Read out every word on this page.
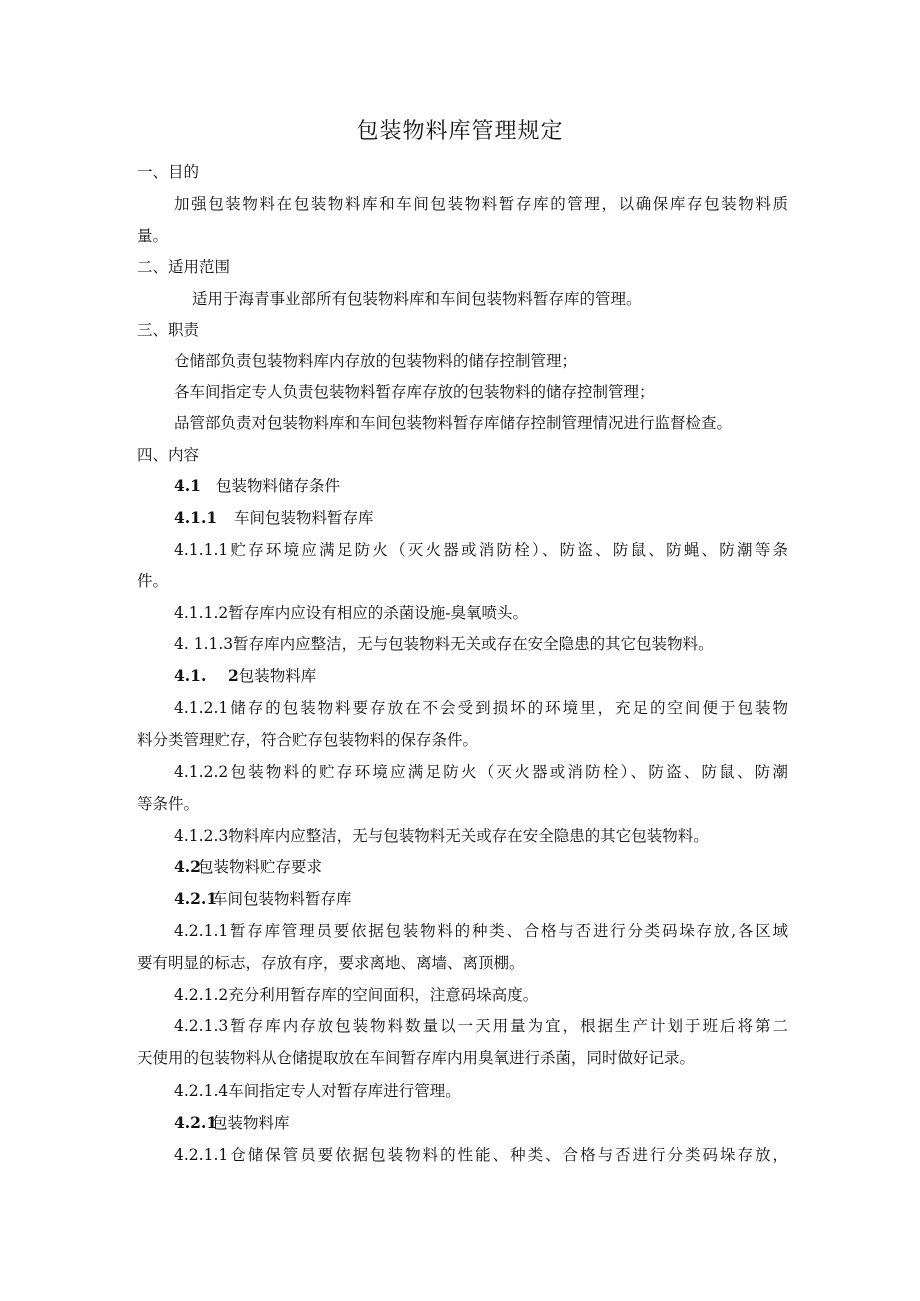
包装物料库管理规定
一、目的
加强包装物料在包装物料库和车间包装物料暂存库的管理，以确保库存包装物料质
量。
二、适用范围
适用于海青事业部所有包装物料库和车间包装物料暂存库的管理。
三、职责
仓储部负责包装物料库内存放的包装物料的储存控制管理；
各车间指定专人负责包装物料暂存库存放的包装物料的储存控制管理；
品管部负责对包装物料库和车间包装物料暂存库储存控制管理情况进行监督检查。
四、内容
4.1 包装物料储存条件
4.1.1 车间包装物料暂存库
4.1.1.1贮存环境应满足防火（灭火器或消防栓）、防盗、防鼠、防蝇、防潮等条
件。
4.1.1.2暂存库内应设有相应的杀菌设施-臭氧喷头。
4. 1.1.3暂存库内应整洁，无与包装物料无关或存在安全隐患的其它包装物料。
4.1.    2包装物料库
4.1.2.1储存的包装物料要存放在不会受到损坏的环境里，充足的空间便于包装物
料分类管理贮存，符合贮存包装物料的保存条件。
4.1.2.2包装物料的贮存环境应满足防火（灭火器或消防栓）、防盗、防鼠、防潮
等条件。
4.1.2.3物料库内应整洁，无与包装物料无关或存在安全隐患的其它包装物料。
4.2包装物料贮存要求
4.2.1车间包装物料暂存库
4.2.1.1暂存库管理员要依据包装物料的种类、合格与否进行分类码垛存放,各区域
要有明显的标志，存放有序，要求离地、离墙、离顶棚。
4.2.1.2充分利用暂存库的空间面积，注意码垛高度。
4.2.1.3暂存库内存放包装物料数量以一天用量为宜，根据生产计划于班后将第二
天使用的包装物料从仓储提取放在车间暂存库内用臭氧进行杀菌，同时做好记录。
4.2.1.4车间指定专人对暂存库进行管理。
4.2.1包装物料库
4.2.1.1仓储保管员要依据包装物料的性能、种类、合格与否进行分类码垛存放，
